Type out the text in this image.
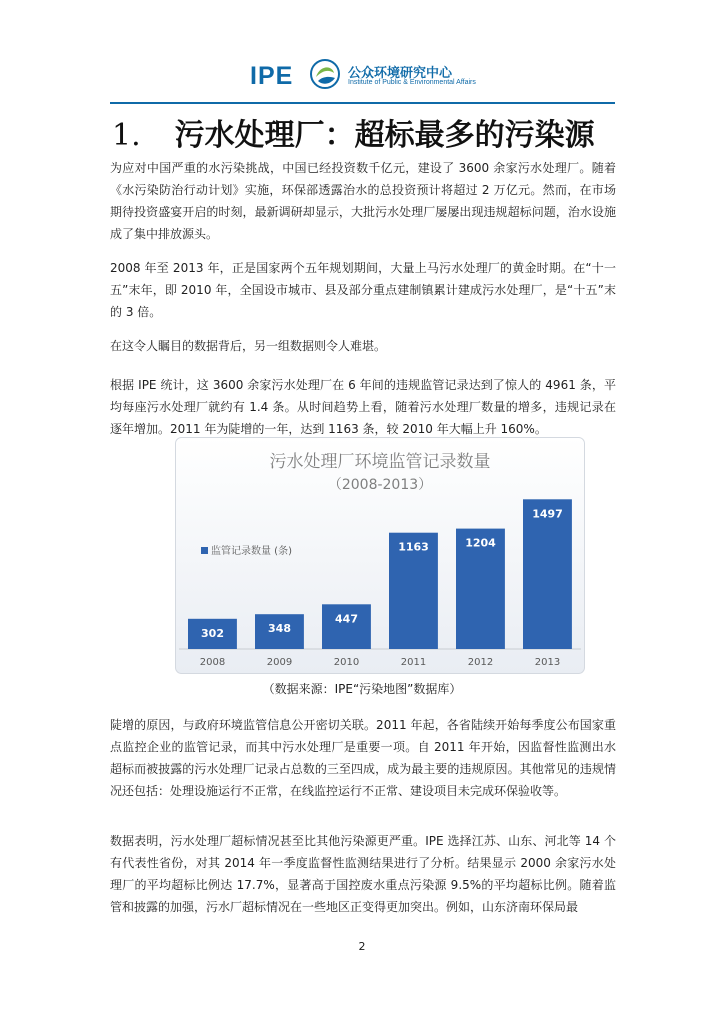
IPE	公众环境研究中心
Institute of Public & Environmental Affairs
1. 污水处理厂：超标最多的污染源

为应对中国严重的水污染挑战，中国已经投资数千亿元，建设了 3600 余家污水处理厂。随着《水污染防治行动计划》实施，环保部透露治水的总投资预计将超过 2 万亿元。然而，在市场期待投资盛宴开启的时刻，最新调研却显示，大批污水处理厂屡屡出现违规超标问题，治水设施成了集中排放源头。

2008 年至 2013 年，正是国家两个五年规划期间，大量上马污水处理厂的黄金时期。在“十一五”末年，即 2010 年，全国设市城市、县及部分重点建制镇累计建成污水处理厂，是“十五”末的 3 倍。

在这令人瞩目的数据背后，另一组数据则令人难堪。

根据 IPE 统计，这 3600 余家污水处理厂在 6 年间的违规监管记录达到了惊人的 4961 条，平均每座污水处理厂就约有 1.4 条。从时间趋势上看，随着污水处理厂数量的增多，违规记录在逐年增加。2011 年为陡增的一年，达到 1163 条，较 2010 年大幅上升 160%。

污水处理厂环境监管记录数量
（2008-2013）
监管记录数量 (条)
302
2008
348
2009
447
2010
1163
2011
1204
2012
1497
2013
（数据来源：IPE“污染地图”数据库）

陡增的原因，与政府环境监管信息公开密切关联。2011 年起，各省陆续开始每季度公布国家重点监控企业的监管记录，而其中污水处理厂是重要一项。自 2011 年开始，因监督性监测出水超标而被披露的污水处理厂记录占总数的三至四成，成为最主要的违规原因。其他常见的违规情况还包括：处理设施运行不正常，在线监控运行不正常、建设项目未完成环保验收等。

数据表明，污水处理厂超标情况甚至比其他污染源更严重。IPE 选择江苏、山东、河北等 14 个有代表性省份，对其 2014 年一季度监督性监测结果进行了分析。结果显示 2000 余家污水处理厂的平均超标比例达 17.7%，显著高于国控废水重点污染源 9.5%的平均超标比例。随着监管和披露的加强，污水厂超标情况在一些地区正变得更加突出。例如，山东济南环保局最

2
